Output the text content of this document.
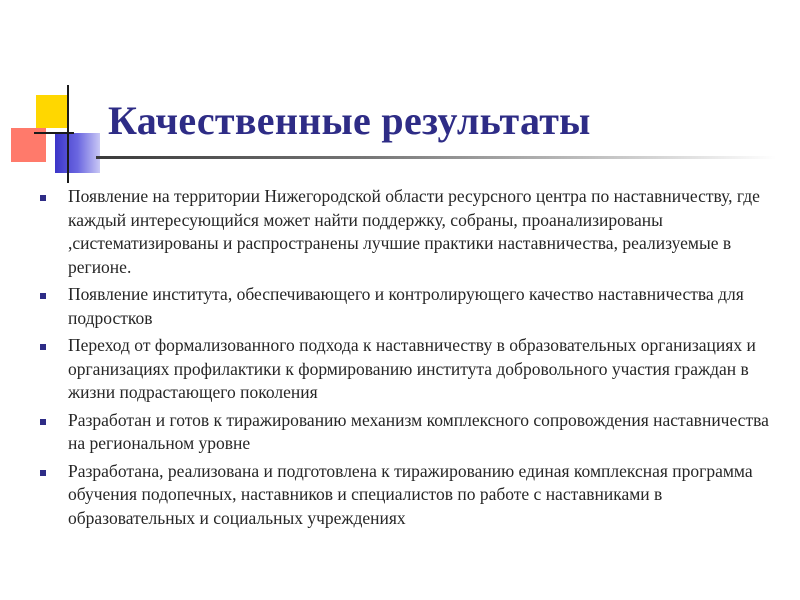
Качественные результаты
Появление на территории Нижегородской области ресурсного центра по наставничеству, где каждый интересующийся может найти поддержку, собраны, проанализированы ,систематизированы и распространены лучшие практики наставничества, реализуемые в регионе.
Появление института, обеспечивающего и контролирующего качество наставничества для подростков
Переход от формализованного подхода к наставничеству в образовательных организациях и организациях профилактики к формированию института добровольного участия граждан в жизни подрастающего поколения
Разработан и готов к тиражированию механизм комплексного сопровождения наставничества на региональном уровне
Разработана, реализована и подготовлена к тиражированию единая комплексная программа обучения подопечных, наставников и специалистов по работе с наставниками в образовательных и социальных учреждениях
